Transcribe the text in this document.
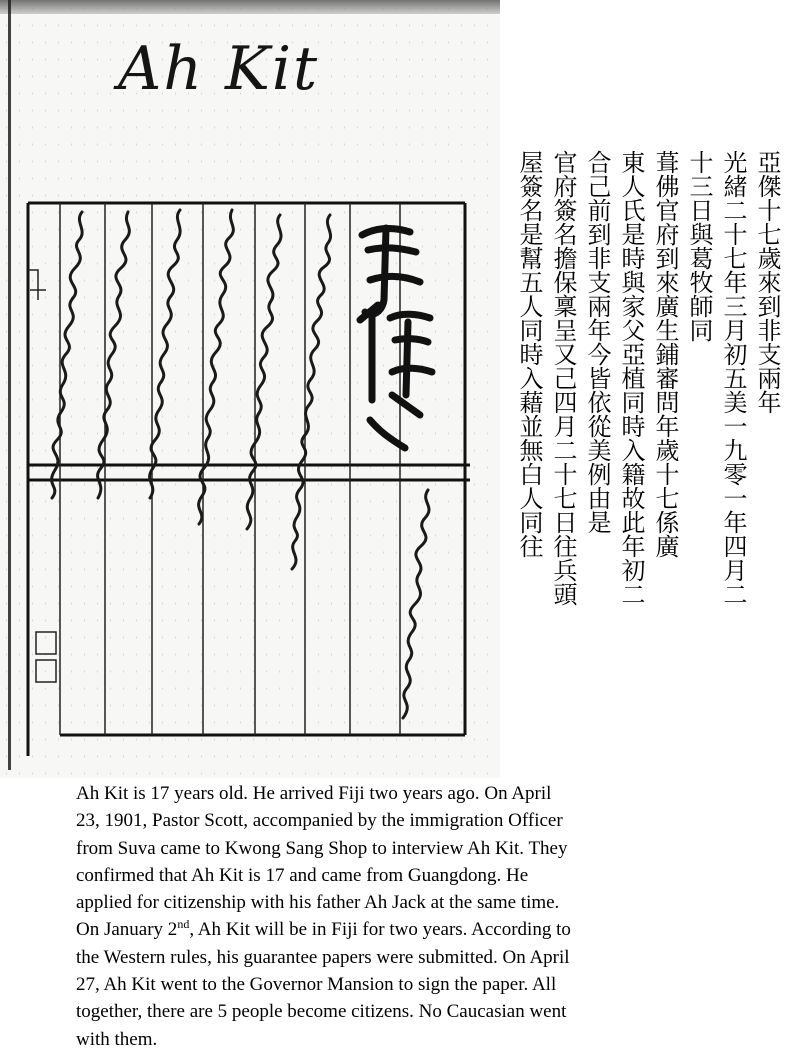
Ah Kit
亞傑十七歲來到非支兩年
光緒二十七年三月初五美一九零一年四月二
十三日與葛牧師同
葺佛官府到來廣生鋪審問年歲十七係廣
東人氏是時與家父亞植同時入籍故此年初二
合己前到非支兩年今皆依從美例由是
官府簽名擔保稟呈又己四月二十七日往兵頭
屋簽名是幫五人同時入藉並無白人同往
Ah Kit is 17 years old. He arrived Fiji two years ago. On April
23, 1901, Pastor Scott, accompanied by the immigration Officer
from Suva came to Kwong Sang Shop to interview Ah Kit. They
confirmed that Ah Kit is 17 and came from Guangdong. He
applied for citizenship with his father Ah Jack at the same time.
On January 2nd, Ah Kit will be in Fiji for two years. According to
the Western rules, his guarantee papers were submitted. On April
27, Ah Kit went to the Governor Mansion to sign the paper. All
together, there are 5 people become citizens. No Caucasian went
with them.
